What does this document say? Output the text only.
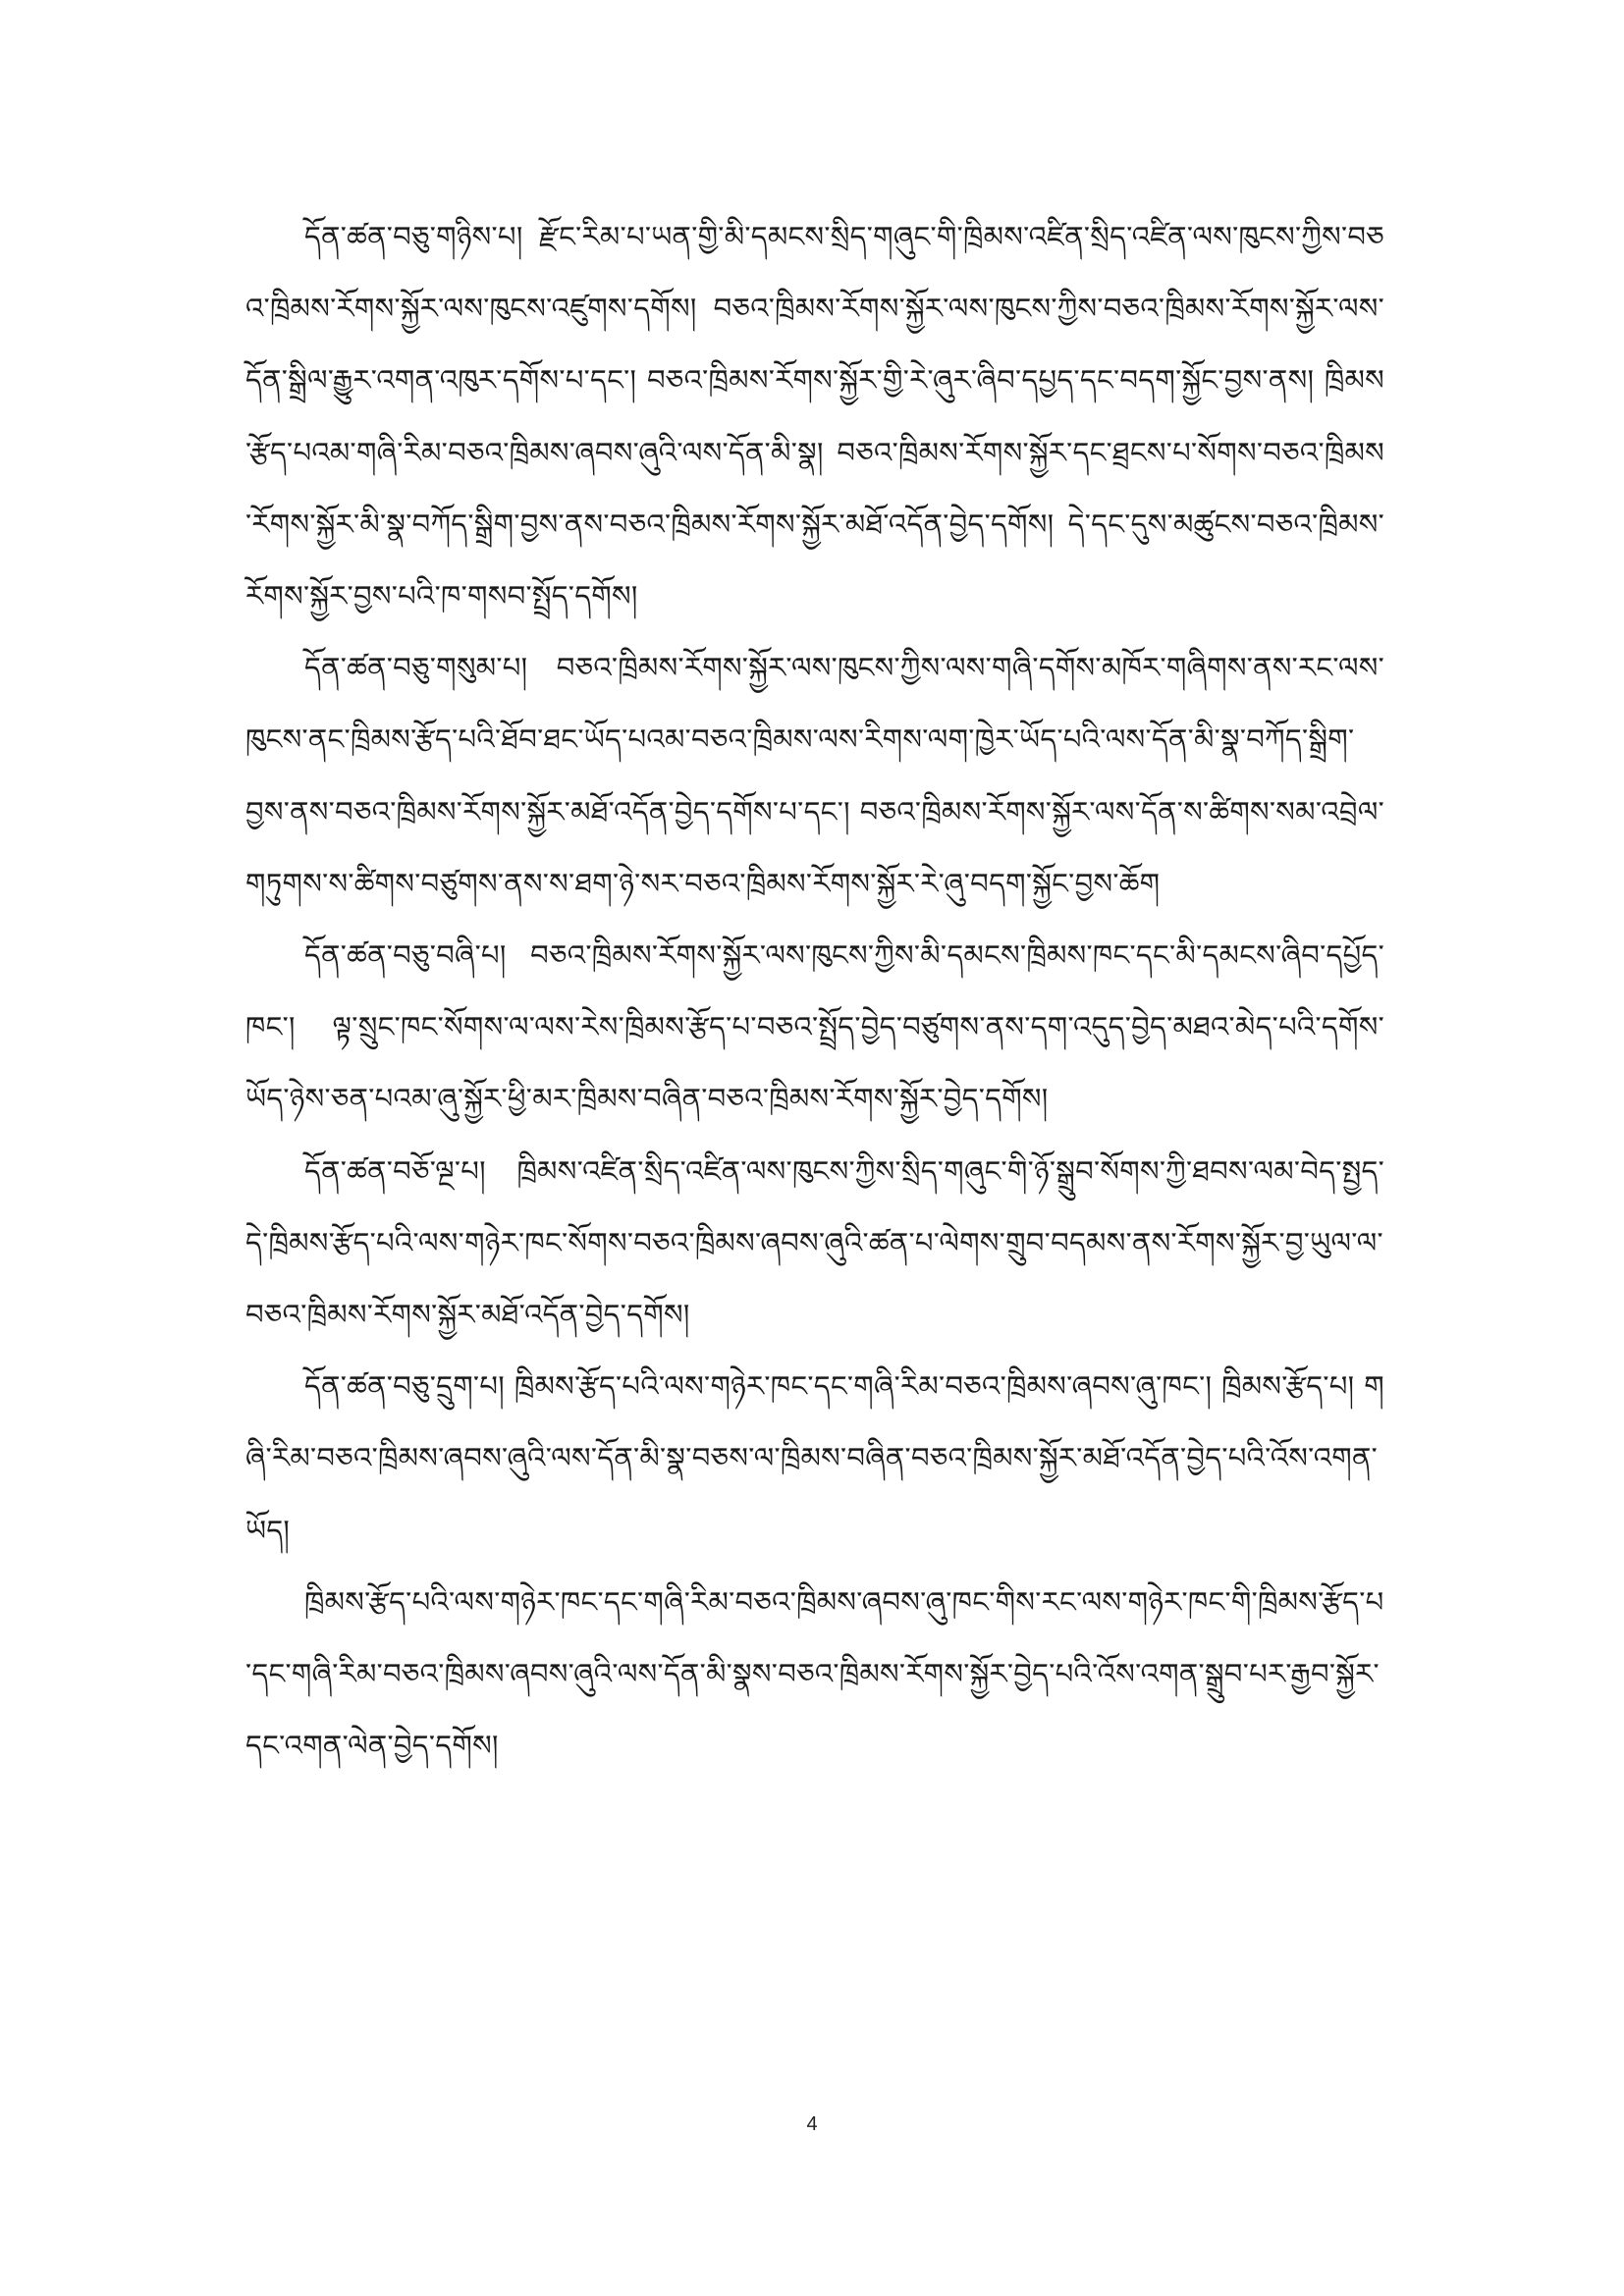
དོན་ཚན་བཅུ་གཉིས་པ། རྫོང་རིམ་པ་ཡན་གྱི་མི་དམངས་སྲིད་གཞུང་གི་ཁྲིམས་འཛིན་སྲིད་འཛིན་ལས་ཁུངས་ཀྱིས་བཅའ་ཁྲིམས་རོགས་སྐྱོར་ལས་ཁུངས་འཛུགས་དགོས། བཅའ་ཁྲིམས་རོགས་སྐྱོར་ལས་ཁུངས་ཀྱིས་བཅའ་ཁྲིམས་རོགས་སྐྱོར་ལས་དོན་སྒྲིལ་རྒྱུར་འགན་འཁུར་དགོས་པ་དང་། བཅའ་ཁྲིམས་རོགས་སྐྱོར་གྱི་རེ་ཞུར་ཞིབ་དཔྱད་དང་བདག་སྐྱོང་བྱས་ནས། ཁྲིམས་རྩོད་པའམ་གཞི་རིམ་བཅའ་ཁྲིམས་ཞབས་ཞུའི་ལས་དོན་མི་སྣ། བཅའ་ཁྲིམས་རོགས་སྐྱོར་དང་ཐྲངས་པ་སོགས་བཅའ་ཁྲིམས་རོགས་སྐྱོར་མི་སྣ་བཀོད་སྒྲིག་བྱས་ནས་བཅའ་ཁྲིམས་རོགས་སྐྱོར་མཐོ་འདོན་བྱེད་དགོས། དེ་དང་དུས་མཚུངས་བཅའ་ཁྲིམས་རོགས་སྐྱོར་བྱས་པའི་ཁ་གསབ་སྤྲོད་དགོས།

དོན་ཚན་བཅུ་གསུམ་པ། བཅའ་ཁྲིམས་རོགས་སྐྱོར་ལས་ཁུངས་ཀྱིས་ལས་གཞི་དགོས་མཁོར་གཞིགས་ནས་རང་ལས་ཁུངས་ནང་ཁྲིམས་རྩོད་པའི་ཐོབ་ཐང་ཡོད་པའམ་བཅའ་ཁྲིམས་ལས་རིགས་ལག་ཁྱེར་ཡོད་པའི་ལས་དོན་མི་སྣ་བཀོད་སྒྲིག་བྱས་ནས་བཅའ་ཁྲིམས་རོགས་སྐྱོར་མཐོ་འདོན་བྱེད་དགོས་པ་དང་། བཅའ་ཁྲིམས་རོགས་སྐྱོར་ལས་དོན་ས་ཚིགས་སམ་འབྲེལ་གཏུགས་ས་ཚིགས་བཙུགས་ནས་ས་ཐག་ཉེ་སར་བཅའ་ཁྲིམས་རོགས་སྐྱོར་རེ་ཞུ་བདག་སྐྱོང་བྱས་ཆོག

དོན་ཚན་བཅུ་བཞི་པ། བཅའ་ཁྲིམས་རོགས་སྐྱོར་ལས་ཁུངས་ཀྱིས་མི་དམངས་ཁྲིམས་ཁང་དང་མི་དམངས་ཞིབ་དཔྱོད་ཁང་། ལྟ་སྲུང་ཁང་སོགས་ལ་ལས་རེས་ཁྲིམས་རྩོད་པ་བཅའ་སྤྲོད་བྱེད་བཙུགས་ནས་དག་འདུད་བྱེད་མཐའ་མེད་པའི་དགོས་ཡོད་ཉེས་ཅན་པའམ་ཞུ་སྐྱོར་ཕྱི་མར་ཁྲིམས་བཞིན་བཅའ་ཁྲིམས་རོགས་སྐྱོར་བྱེད་དགོས།

དོན་ཚན་བཅོ་ལྔ་པ། ཁྲིམས་འཛིན་སྲིད་འཛིན་ལས་ཁུངས་ཀྱིས་སྲིད་གཞུང་གི་ཉོ་སྒྲུབ་སོགས་ཀྱི་ཐབས་ལམ་བེད་སྤྱད་དེ་ཁྲིམས་རྩོད་པའི་ལས་གཉེར་ཁང་སོགས་བཅའ་ཁྲིམས་ཞབས་ཞུའི་ཚན་པ་ལེགས་གྲུབ་བདམས་ནས་རོགས་སྐྱོར་བྱ་ཡུལ་ལ་བཅའ་ཁྲིམས་རོགས་སྐྱོར་མཐོ་འདོན་བྱེད་དགོས།

དོན་ཚན་བཅུ་དྲུག་པ། ཁྲིམས་རྩོད་པའི་ལས་གཉེར་ཁང་དང་གཞི་རིམ་བཅའ་ཁྲིམས་ཞབས་ཞུ་ཁང་། ཁྲིམས་རྩོད་པ། གཞི་རིམ་བཅའ་ཁྲིམས་ཞབས་ཞུའི་ལས་དོན་མི་སྣ་བཅས་ལ་ཁྲིམས་བཞིན་བཅའ་ཁྲིམས་སྐྱོར་མཐོ་འདོན་བྱེད་པའི་འོས་འགན་ཡོད།

ཁྲིམས་རྩོད་པའི་ལས་གཉེར་ཁང་དང་གཞི་རིམ་བཅའ་ཁྲིམས་ཞབས་ཞུ་ཁང་གིས་རང་ལས་གཉེར་ཁང་གི་ཁྲིམས་རྩོད་པ་དང་གཞི་རིམ་བཅའ་ཁྲིམས་ཞབས་ཞུའི་ལས་དོན་མི་སྣས་བཅའ་ཁྲིམས་རོགས་སྐྱོར་བྱེད་པའི་འོས་འགན་སྒྲུབ་པར་རྒྱབ་སྐྱོར་དང་འགན་ལེན་བྱེད་དགོས།

4
